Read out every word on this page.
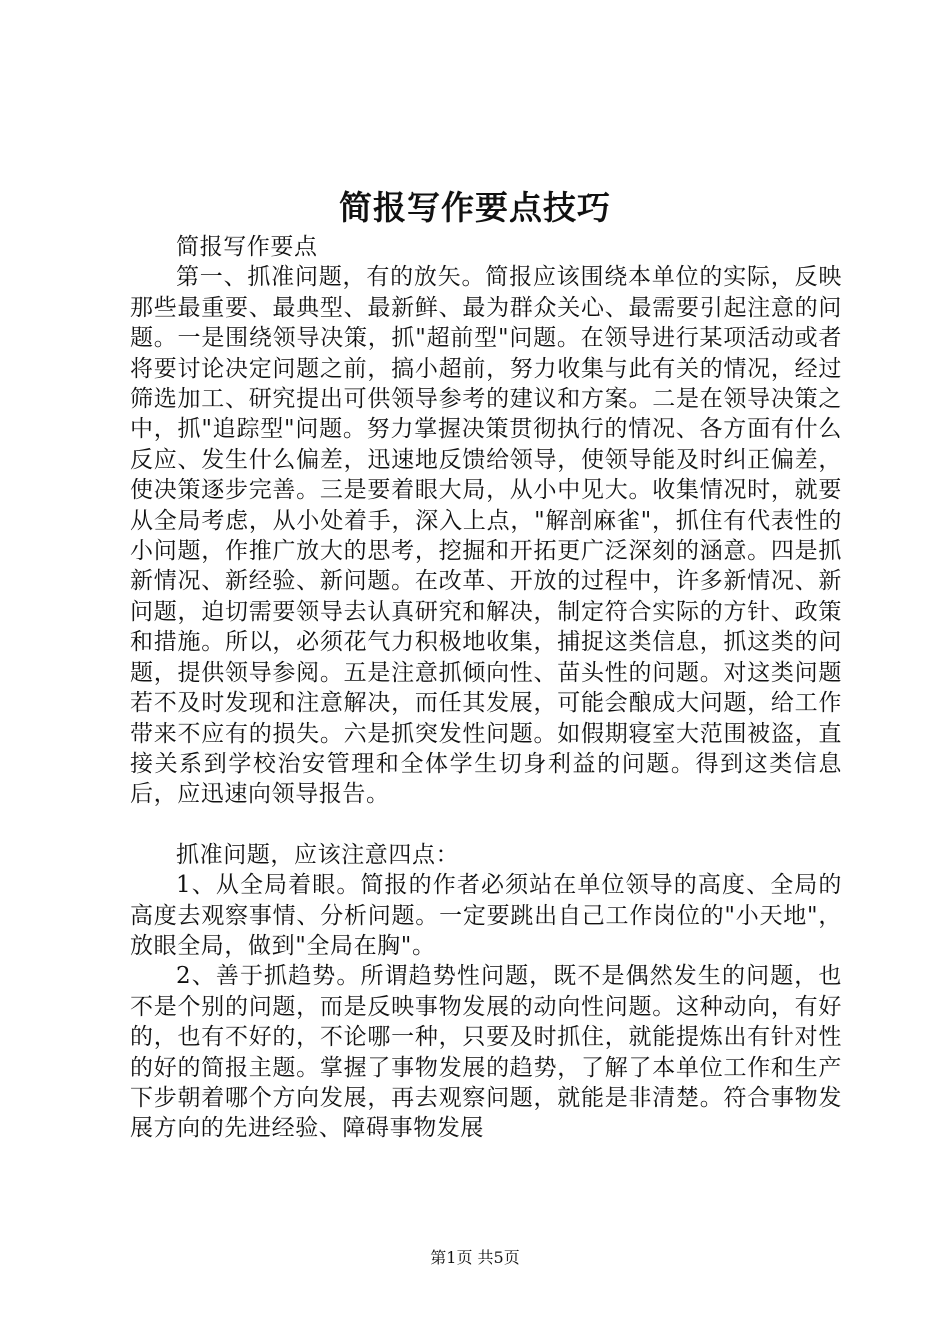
简报写作要点技巧

简报写作要点

第一、抓准问题，有的放矢。简报应该围绕本单位的实际，反映那些最重要、最典型、最新鲜、最为群众关心、最需要引起注意的问题。一是围绕领导决策，抓"超前型"问题。在领导进行某项活动或者将要讨论决定问题之前，搞小超前，努力收集与此有关的情况，经过筛选加工、研究提出可供领导参考的建议和方案。二是在领导决策之中，抓"追踪型"问题。努力掌握决策贯彻执行的情况、各方面有什么反应、发生什么偏差，迅速地反馈给领导，使领导能及时纠正偏差，使决策逐步完善。三是要着眼大局，从小中见大。收集情况时，就要从全局考虑，从小处着手，深入上点，"解剖麻雀"，抓住有代表性的小问题，作推广放大的思考，挖掘和开拓更广泛深刻的涵意。四是抓新情况、新经验、新问题。在改革、开放的过程中，许多新情况、新问题，迫切需要领导去认真研究和解决，制定符合实际的方针、政策和措施。所以，必须花气力积极地收集，捕捉这类信息，抓这类的问题，提供领导参阅。五是注意抓倾向性、苗头性的问题。对这类问题若不及时发现和注意解决，而任其发展，可能会酿成大问题，给工作带来不应有的损失。六是抓突发性问题。如假期寝室大范围被盗，直接关系到学校治安管理和全体学生切身利益的问题。得到这类信息后，应迅速向领导报告。

抓准问题，应该注意四点：

1、从全局着眼。简报的作者必须站在单位领导的高度、全局的高度去观察事情、分析问题。一定要跳出自己工作岗位的"小天地"，放眼全局，做到"全局在胸"。

2、善于抓趋势。所谓趋势性问题，既不是偶然发生的问题，也不是个别的问题，而是反映事物发展的动向性问题。这种动向，有好的，也有不好的，不论哪一种，只要及时抓住，就能提炼出有针对性的好的简报主题。掌握了事物发展的趋势，了解了本单位工作和生产下步朝着哪个方向发展，再去观察问题，就能是非清楚。符合事物发展方向的先进经验、障碍事物发展

第1页 共5页
